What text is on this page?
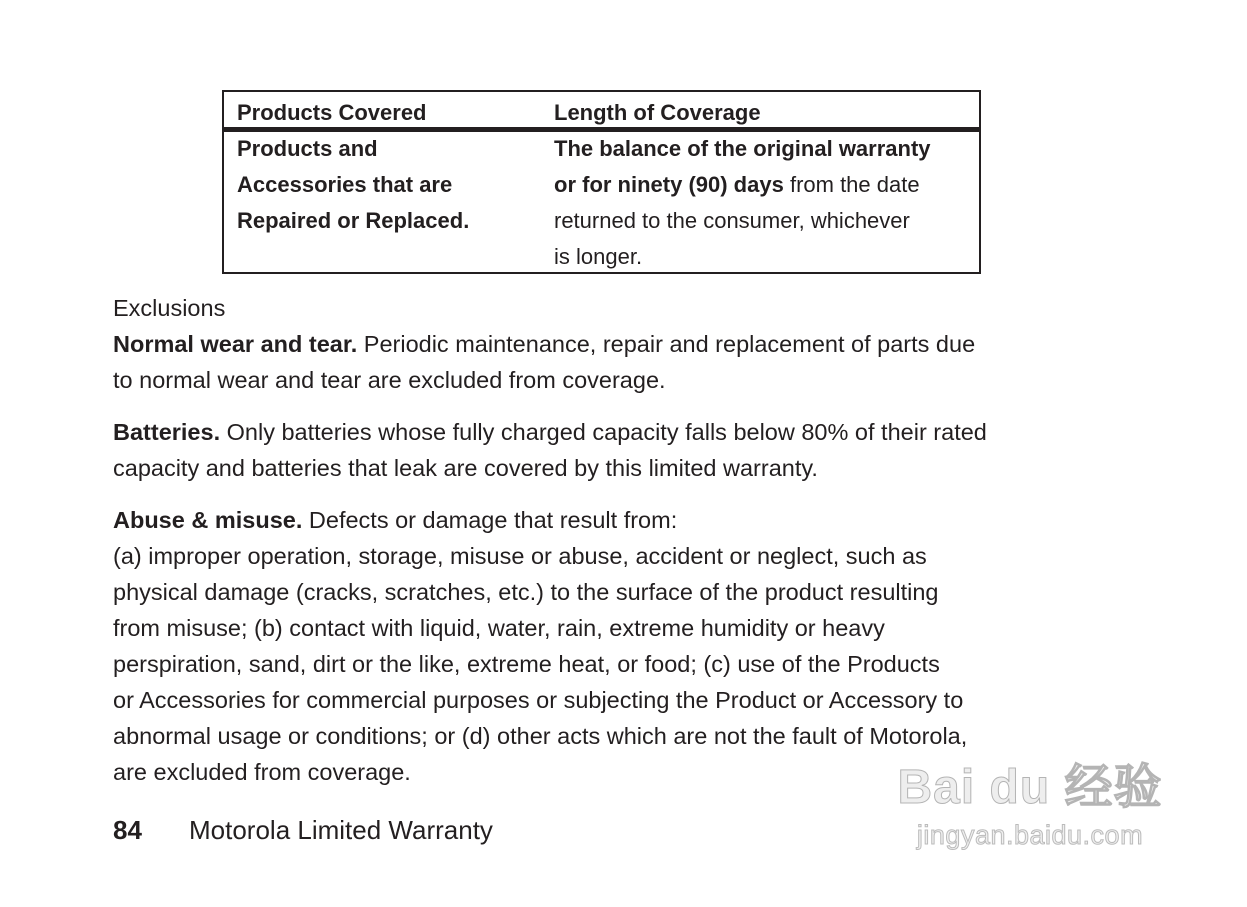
Products Covered	Length of Coverage
Products and
Accessories that are
Repaired or Replaced.
The balance of the original warranty
or for ninety (90) days from the date
returned to the consumer, whichever
is longer.
Exclusions
Normal wear and tear. Periodic maintenance, repair and replacement of parts due
to normal wear and tear are excluded from coverage.
Batteries. Only batteries whose fully charged capacity falls below 80% of their rated
capacity and batteries that leak are covered by this limited warranty.
Abuse & misuse. Defects or damage that result from:
(a) improper operation, storage, misuse or abuse, accident or neglect, such as
physical damage (cracks, scratches, etc.) to the surface of the product resulting
from misuse; (b) contact with liquid, water, rain, extreme humidity or heavy
perspiration, sand, dirt or the like, extreme heat, or food; (c) use of the Products
or Accessories for commercial purposes or subjecting the Product or Accessory to
abnormal usage or conditions; or (d) other acts which are not the fault of Motorola,
are excluded from coverage.
84 Motorola Limited Warranty
Bai du 经验
jingyan.baidu.com
